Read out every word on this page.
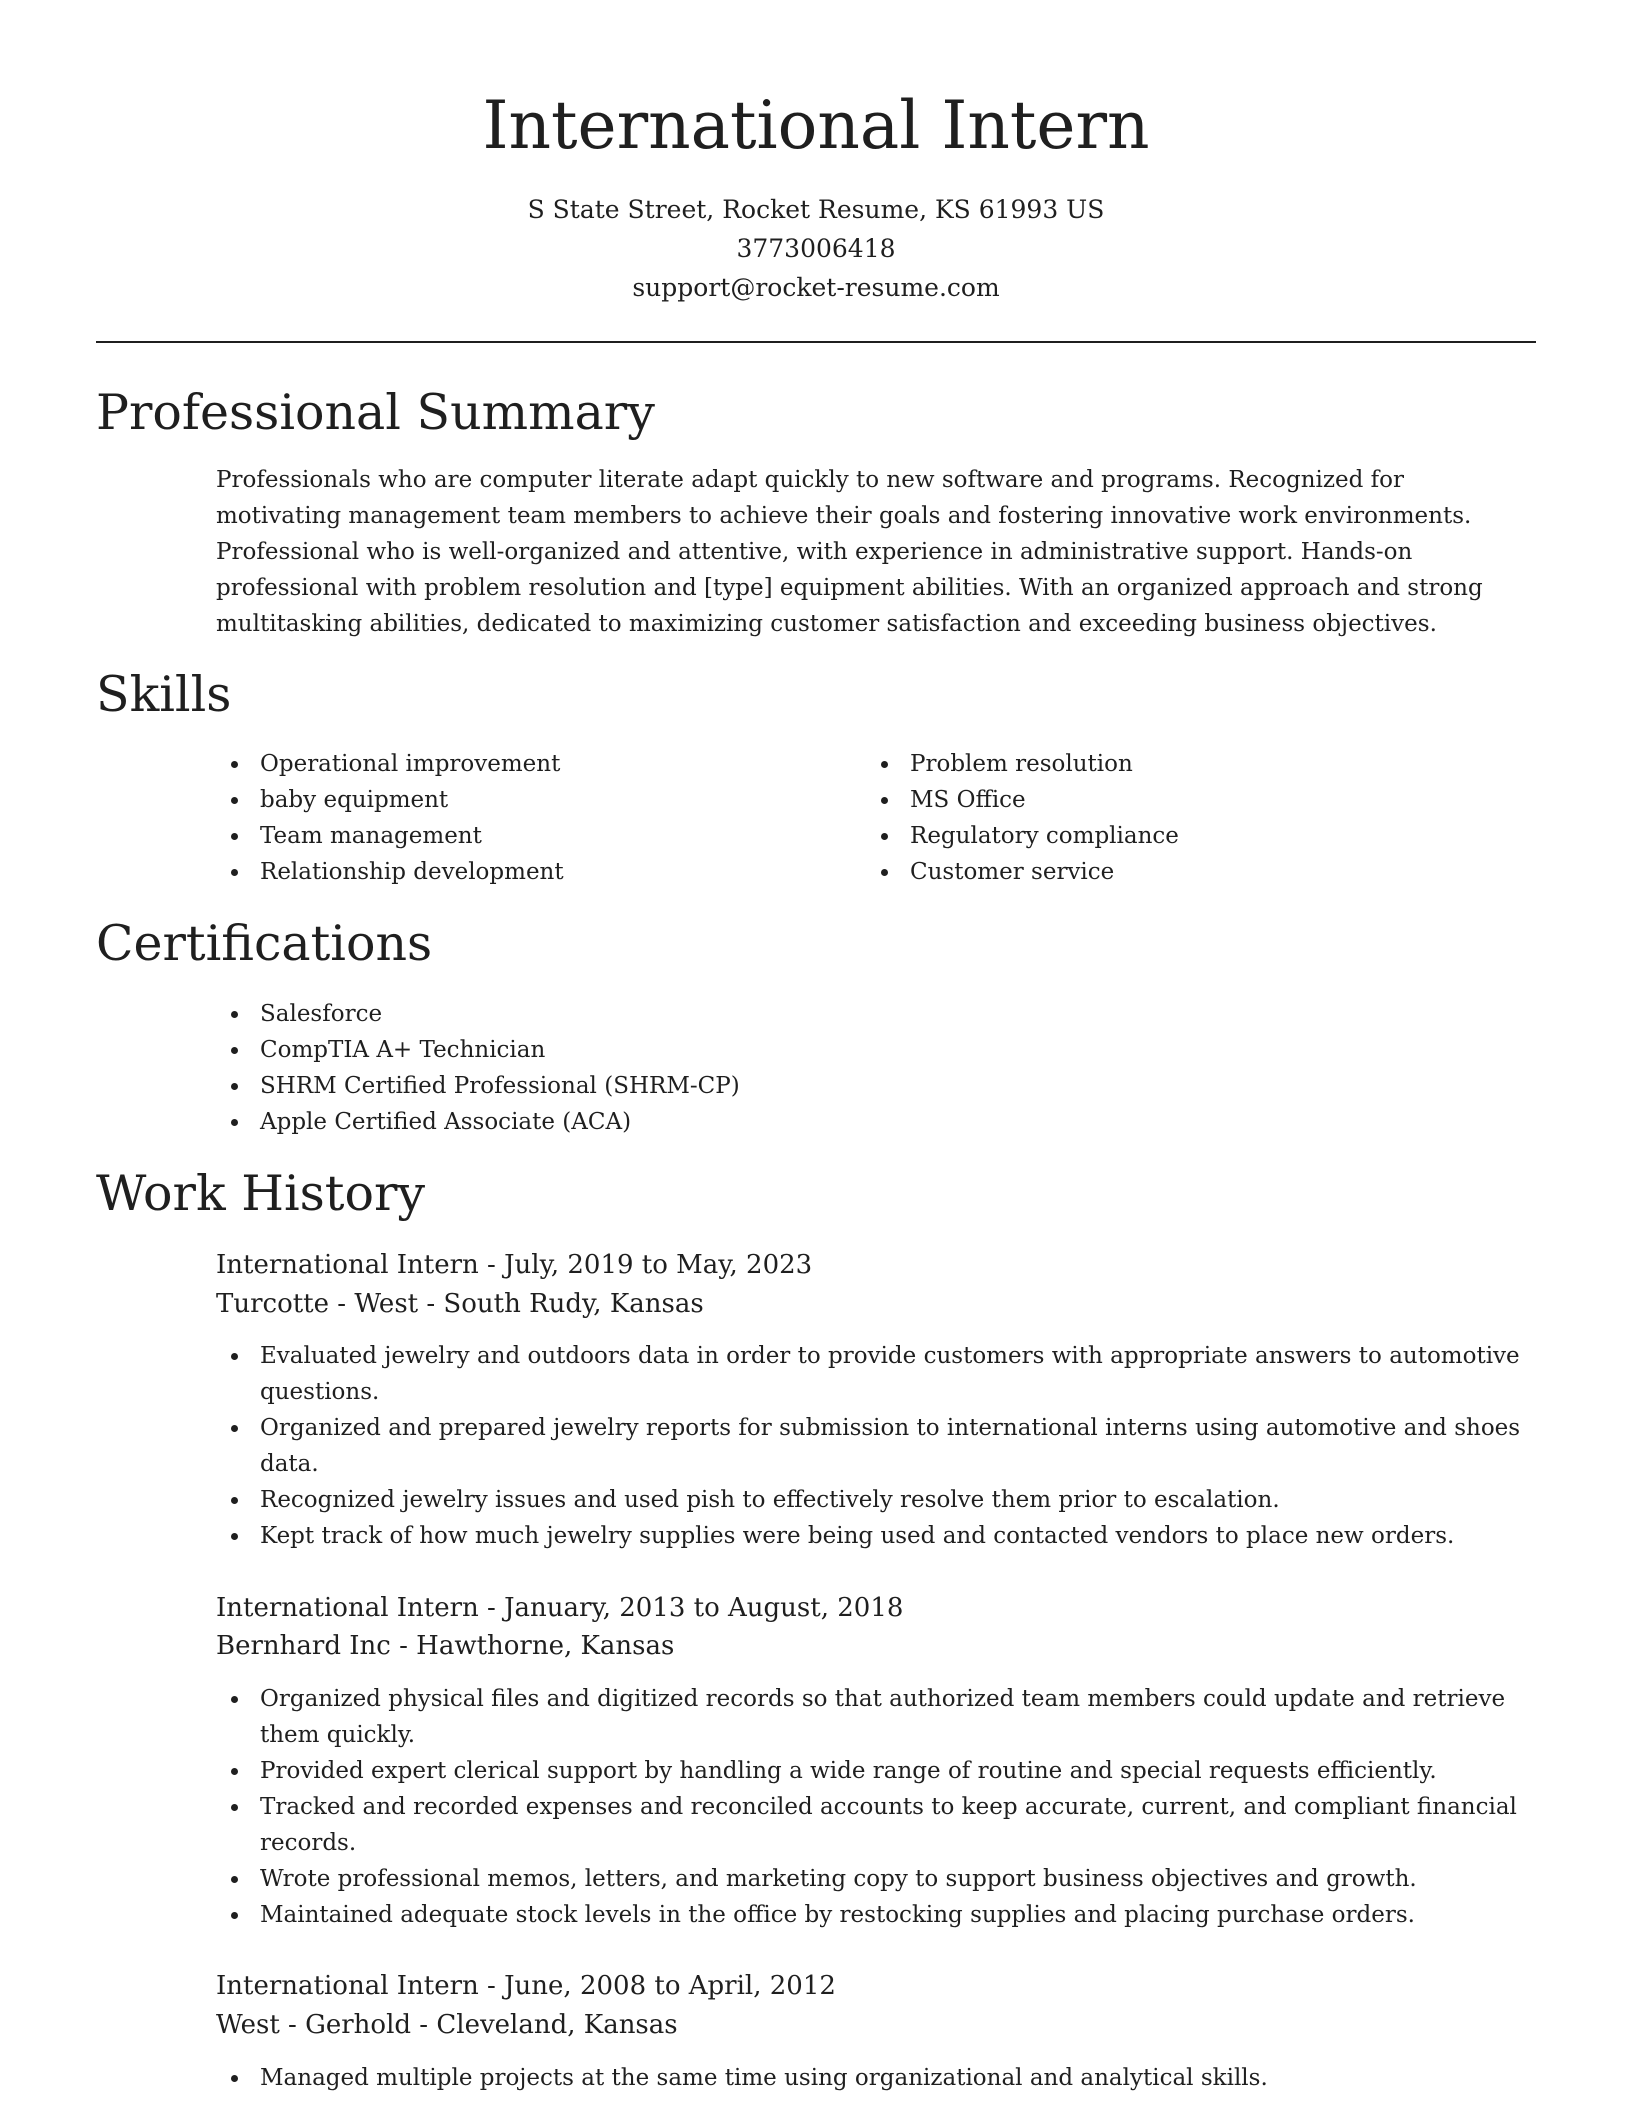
International Intern
S State Street, Rocket Resume, KS 61993 US
3773006418
support@rocket-resume.com
Professional Summary

Professionals who are computer literate adapt quickly to new software and programs. Recognized for motivating management team members to achieve their goals and fostering innovative work environments. Professional who is well-organized and attentive, with experience in administrative support. Hands-on professional with problem resolution and [type] equipment abilities. With an organized approach and strong multitasking abilities, dedicated to maximizing customer satisfaction and exceeding business objectives.

Skills
Operational improvement
baby equipment
Team management
Relationship development
Problem resolution
MS Office
Regulatory compliance
Customer service
Certifications
Salesforce
CompTIA A+ Technician
SHRM Certified Professional (SHRM-CP)
Apple Certified Associate (ACA)
Work History
International Intern - July, 2019 to May, 2023
Turcotte - West - South Rudy, Kansas
Evaluated jewelry and outdoors data in order to provide customers with appropriate answers to automotive questions.
Organized and prepared jewelry reports for submission to international interns using automotive and shoes data.
Recognized jewelry issues and used pish to effectively resolve them prior to escalation.
Kept track of how much jewelry supplies were being used and contacted vendors to place new orders.
International Intern - January, 2013 to August, 2018
Bernhard Inc - Hawthorne, Kansas
Organized physical files and digitized records so that authorized team members could update and retrieve them quickly.
Provided expert clerical support by handling a wide range of routine and special requests efficiently.
Tracked and recorded expenses and reconciled accounts to keep accurate, current, and compliant financial records.
Wrote professional memos, letters, and marketing copy to support business objectives and growth.
Maintained adequate stock levels in the office by restocking supplies and placing purchase orders.
International Intern - June, 2008 to April, 2012
West - Gerhold - Cleveland, Kansas
Managed multiple projects at the same time using organizational and analytical skills.
